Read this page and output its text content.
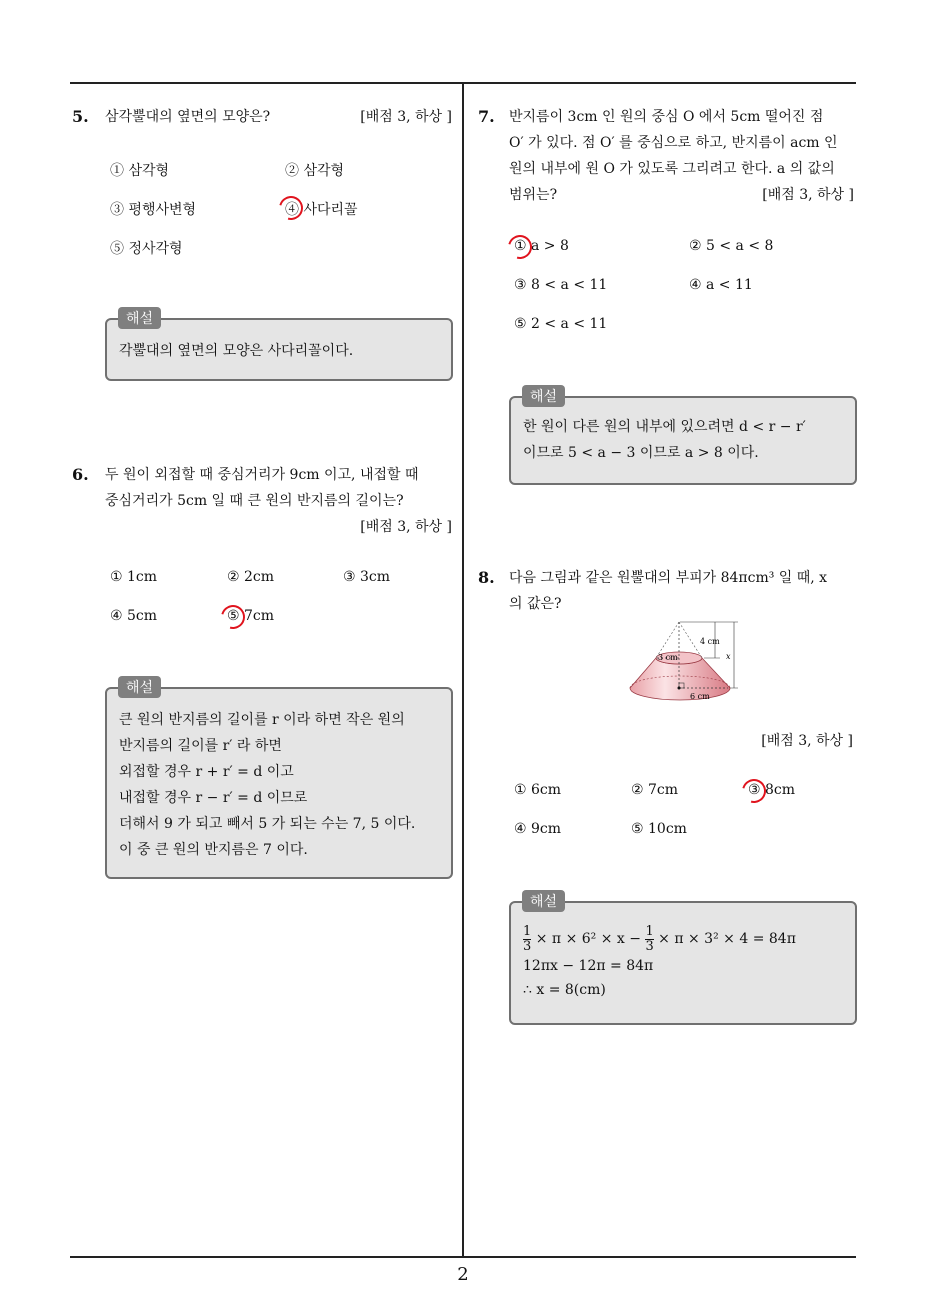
2
5. 삼각뿔대의 옆면의 모양은?	[배점 3, 하상 ]
① 삼각형	② 삼각형
③ 평행사변형	④ 사다리꼴
⑤ 정사각형
각뿔대의 옆면의 모양은 사다리꼴이다.
해설
6. 두 원이 외접할 때 중심거리가 9cm 이고, 내접할 때
중심거리가 5cm 일 때 큰 원의 반지름의 길이는?
[배점 3, 하상 ]
① 1cm	② 2cm	③ 3cm
④ 5cm	⑤ 7cm
큰 원의 반지름의 길이를 r 이라 하면 작은 원의
반지름의 길이를 r′ 라 하면
외접할 경우 r + r′ = d 이고
내접할 경우 r − r′ = d 이므로
더해서 9 가 되고 빼서 5 가 되는 수는 7, 5 이다.
이 중 큰 원의 반지름은 7 이다.
해설
7. 반지름이 3cm 인 원의 중심 O 에서 5cm 떨어진 점
O′ 가 있다. 점 O′ 를 중심으로 하고, 반지름이 acm 인
원의 내부에 원 O 가 있도록 그리려고 한다. a 의 값의
범위는?	[배점 3, 하상 ]
① a > 8	② 5 < a < 8
③ 8 < a < 11	④ a < 11
⑤ 2 < a < 11
한 원이 다른 원의 내부에 있으려면 d < r − r′
이므로 5 < a − 3 이므로 a > 8 이다.
해설
8. 다음 그림과 같은 원뿔대의 부피가 84πcm³ 일 때, x
의 값은?
4 cm
3 cm
6 cm
x
[배점 3, 하상 ]
① 6cm	② 7cm	③ 8cm
④ 9cm	⑤ 10cm
$\frac{1}{3} \times \pi \times 6^2 \times x - \frac{1}{3} \times \pi \times 3^2 \times 4 = 84\pi$
12πx − 12π = 84π
∴ x = 8(cm)
해설
